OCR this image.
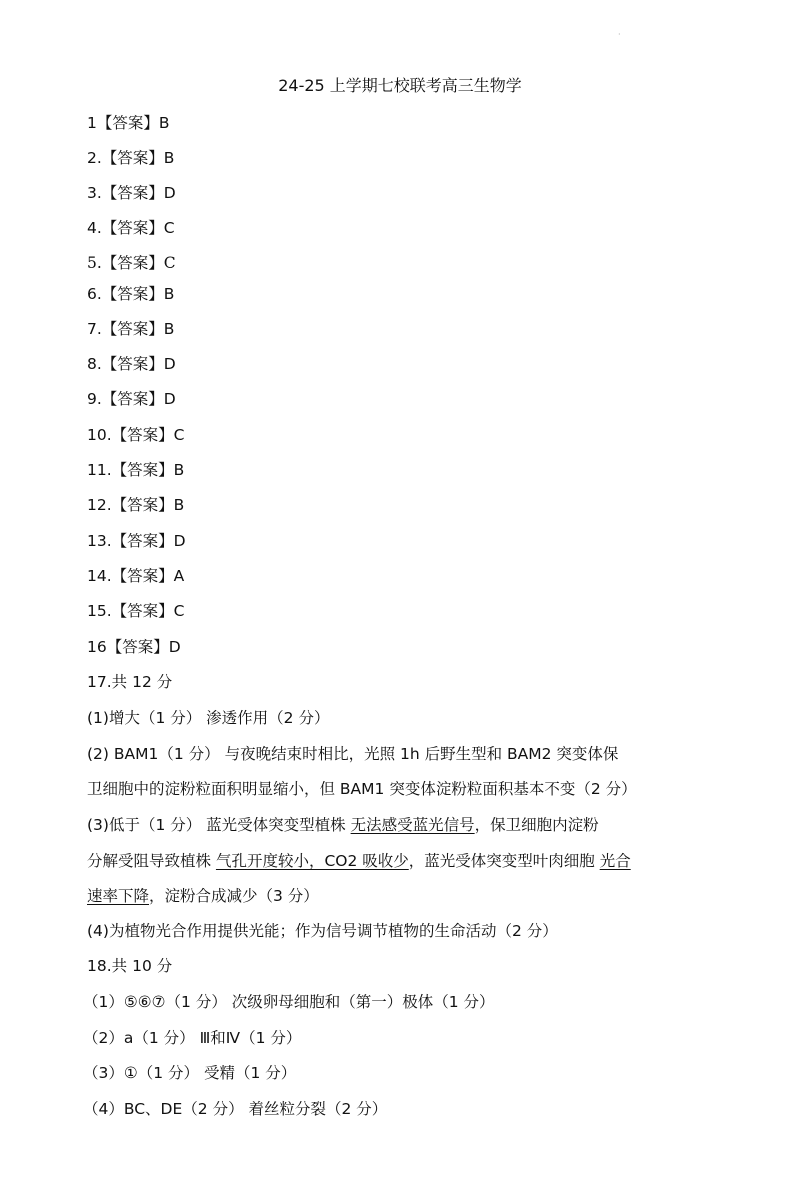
·
24-25 上学期七校联考高三生物学
1【答案】B
2.【答案】B
3.【答案】D
4.【答案】C
5.【答案】C
6.【答案】B
7.【答案】B
8.【答案】D
9.【答案】D
10.【答案】C
11.【答案】B
12.【答案】B
13.【答案】D
14.【答案】A
15.【答案】C
16【答案】D
17.共 12 分
(1)增大（1 分） 渗透作用（2 分）
(2) BAM1（1 分） 与夜晚结束时相比，光照 1h 后野生型和 BAM2 突变体保
卫细胞中的淀粉粒面积明显缩小，但 BAM1 突变体淀粉粒面积基本不变（2 分）
(3)低于（1 分） 蓝光受体突变型植株 无法感受蓝光信号，保卫细胞内淀粉
分解受阻导致植株 气孔开度较小，CO2 吸收少，蓝光受体突变型叶肉细胞 光合
速率下降，淀粉合成减少（3 分）
(4)为植物光合作用提供光能；作为信号调节植物的生命活动（2 分）
18.共 10 分
（1）⑤⑥⑦（1 分） 次级卵母细胞和（第一）极体（1 分）
（2）a（1 分） Ⅲ和Ⅳ（1 分）
（3）①（1 分） 受精（1 分）
（4）BC、DE（2 分） 着丝粒分裂（2 分）
